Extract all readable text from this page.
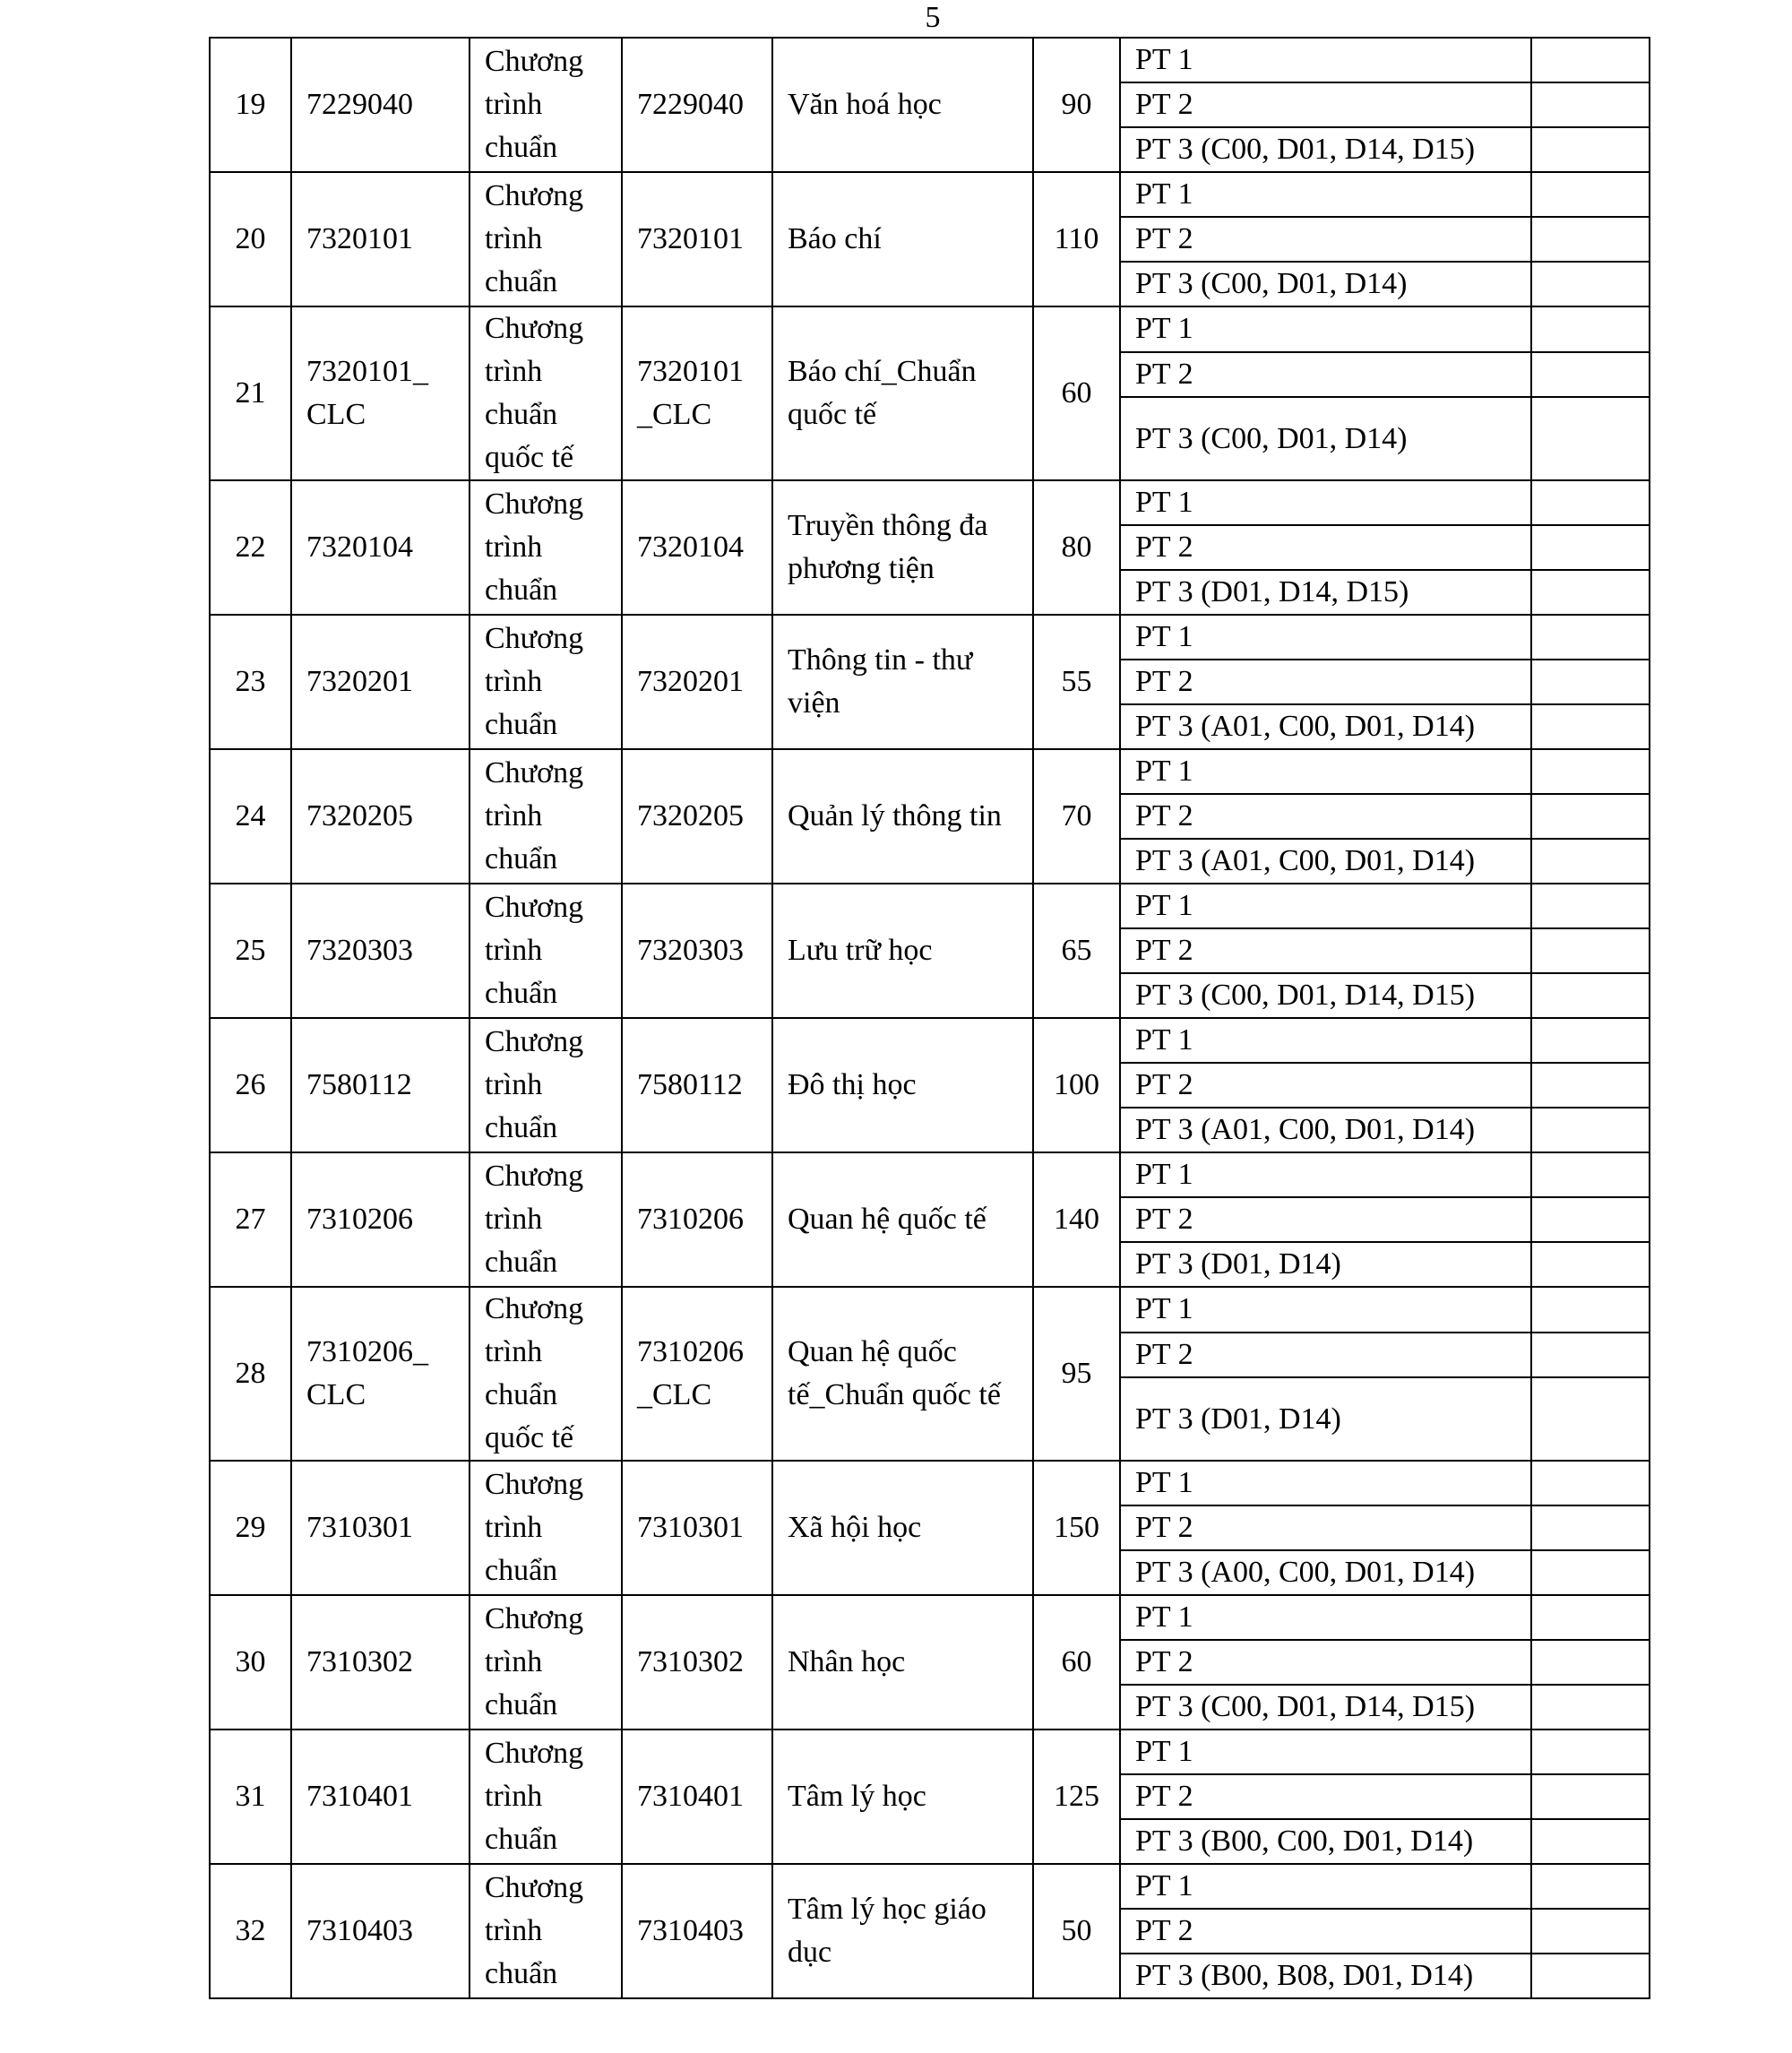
5
19	7229040	Chương trình chuẩn	7229040	Văn hoá học	90	PT 1	
						PT 2	
						PT 3 (C00, D01, D14, D15)	
20	7320101	Chương trình chuẩn	7320101	Báo chí	110	PT 1	
						PT 2	
						PT 3 (C00, D01, D14)	
21	7320101_ CLC	Chương trình chuẩn quốc tế	7320101 _CLC	Báo chí_Chuẩn quốc tế	60	PT 1	
						PT 2	
						PT 3 (C00, D01, D14)	
22	7320104	Chương trình chuẩn	7320104	Truyền thông đa phương tiện	80	PT 1	
						PT 2	
						PT 3 (D01, D14, D15)	
23	7320201	Chương trình chuẩn	7320201	Thông tin - thư viện	55	PT 1	
						PT 2	
						PT 3 (A01, C00, D01, D14)	
24	7320205	Chương trình chuẩn	7320205	Quản lý thông tin	70	PT 1	
						PT 2	
						PT 3 (A01, C00, D01, D14)	
25	7320303	Chương trình chuẩn	7320303	Lưu trữ học	65	PT 1	
						PT 2	
						PT 3 (C00, D01, D14, D15)	
26	7580112	Chương trình chuẩn	7580112	Đô thị học	100	PT 1	
						PT 2	
						PT 3 (A01, C00, D01, D14)	
27	7310206	Chương trình chuẩn	7310206	Quan hệ quốc tế	140	PT 1	
						PT 2	
						PT 3 (D01, D14)	
28	7310206_ CLC	Chương trình chuẩn quốc tế	7310206 _CLC	Quan hệ quốc tế_Chuẩn quốc tế	95	PT 1	
						PT 2	
						PT 3 (D01, D14)	
29	7310301	Chương trình chuẩn	7310301	Xã hội học	150	PT 1	
						PT 2	
						PT 3 (A00, C00, D01, D14)	
30	7310302	Chương trình chuẩn	7310302	Nhân học	60	PT 1	
						PT 2	
						PT 3 (C00, D01, D14, D15)	
31	7310401	Chương trình chuẩn	7310401	Tâm lý học	125	PT 1	
						PT 2	
						PT 3 (B00, C00, D01, D14)	
32	7310403	Chương trình chuẩn	7310403	Tâm lý học giáo dục	50	PT 1	
						PT 2	
						PT 3 (B00, B08, D01, D14)	
